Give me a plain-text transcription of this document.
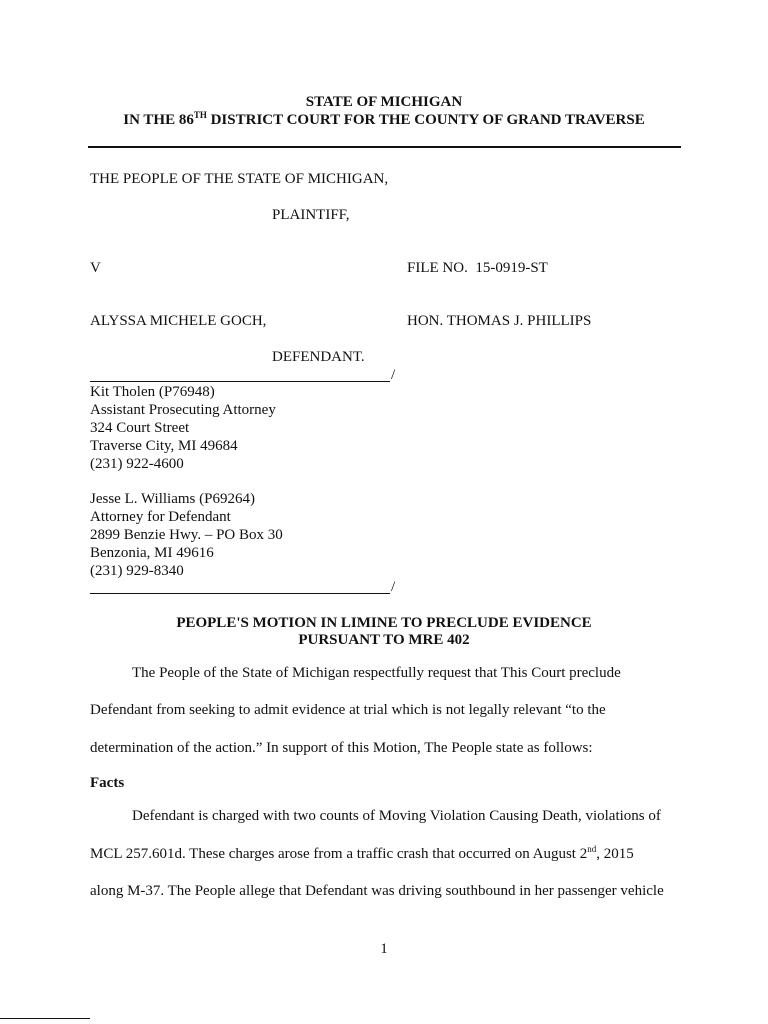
STATE OF MICHIGAN
IN THE 86TH DISTRICT COURT FOR THE COUNTY OF GRAND TRAVERSE
THE PEOPLE OF THE STATE OF MICHIGAN,
PLAINTIFF,
V	FILE NO. 15-0919-ST
ALYSSA MICHELE GOCH,	HON. THOMAS J. PHILLIPS
DEFENDANT.
/
Kit Tholen (P76948)
Assistant Prosecuting Attorney
324 Court Street
Traverse City, MI 49684
(231) 922-4600
Jesse L. Williams (P69264)
Attorney for Defendant
2899 Benzie Hwy. – PO Box 30
Benzonia, MI 49616
(231) 929-8340
/
PEOPLE'S MOTION IN LIMINE TO PRECLUDE EVIDENCE
PURSUANT TO MRE 402
The People of the State of Michigan respectfully request that This Court preclude
Defendant from seeking to admit evidence at trial which is not legally relevant “to the
determination of the action.” In support of this Motion, The People state as follows:
Facts
Defendant is charged with two counts of Moving Violation Causing Death, violations of
MCL 257.601d. These charges arose from a traffic crash that occurred on August 2nd, 2015
along M-37. The People allege that Defendant was driving southbound in her passenger vehicle
1
